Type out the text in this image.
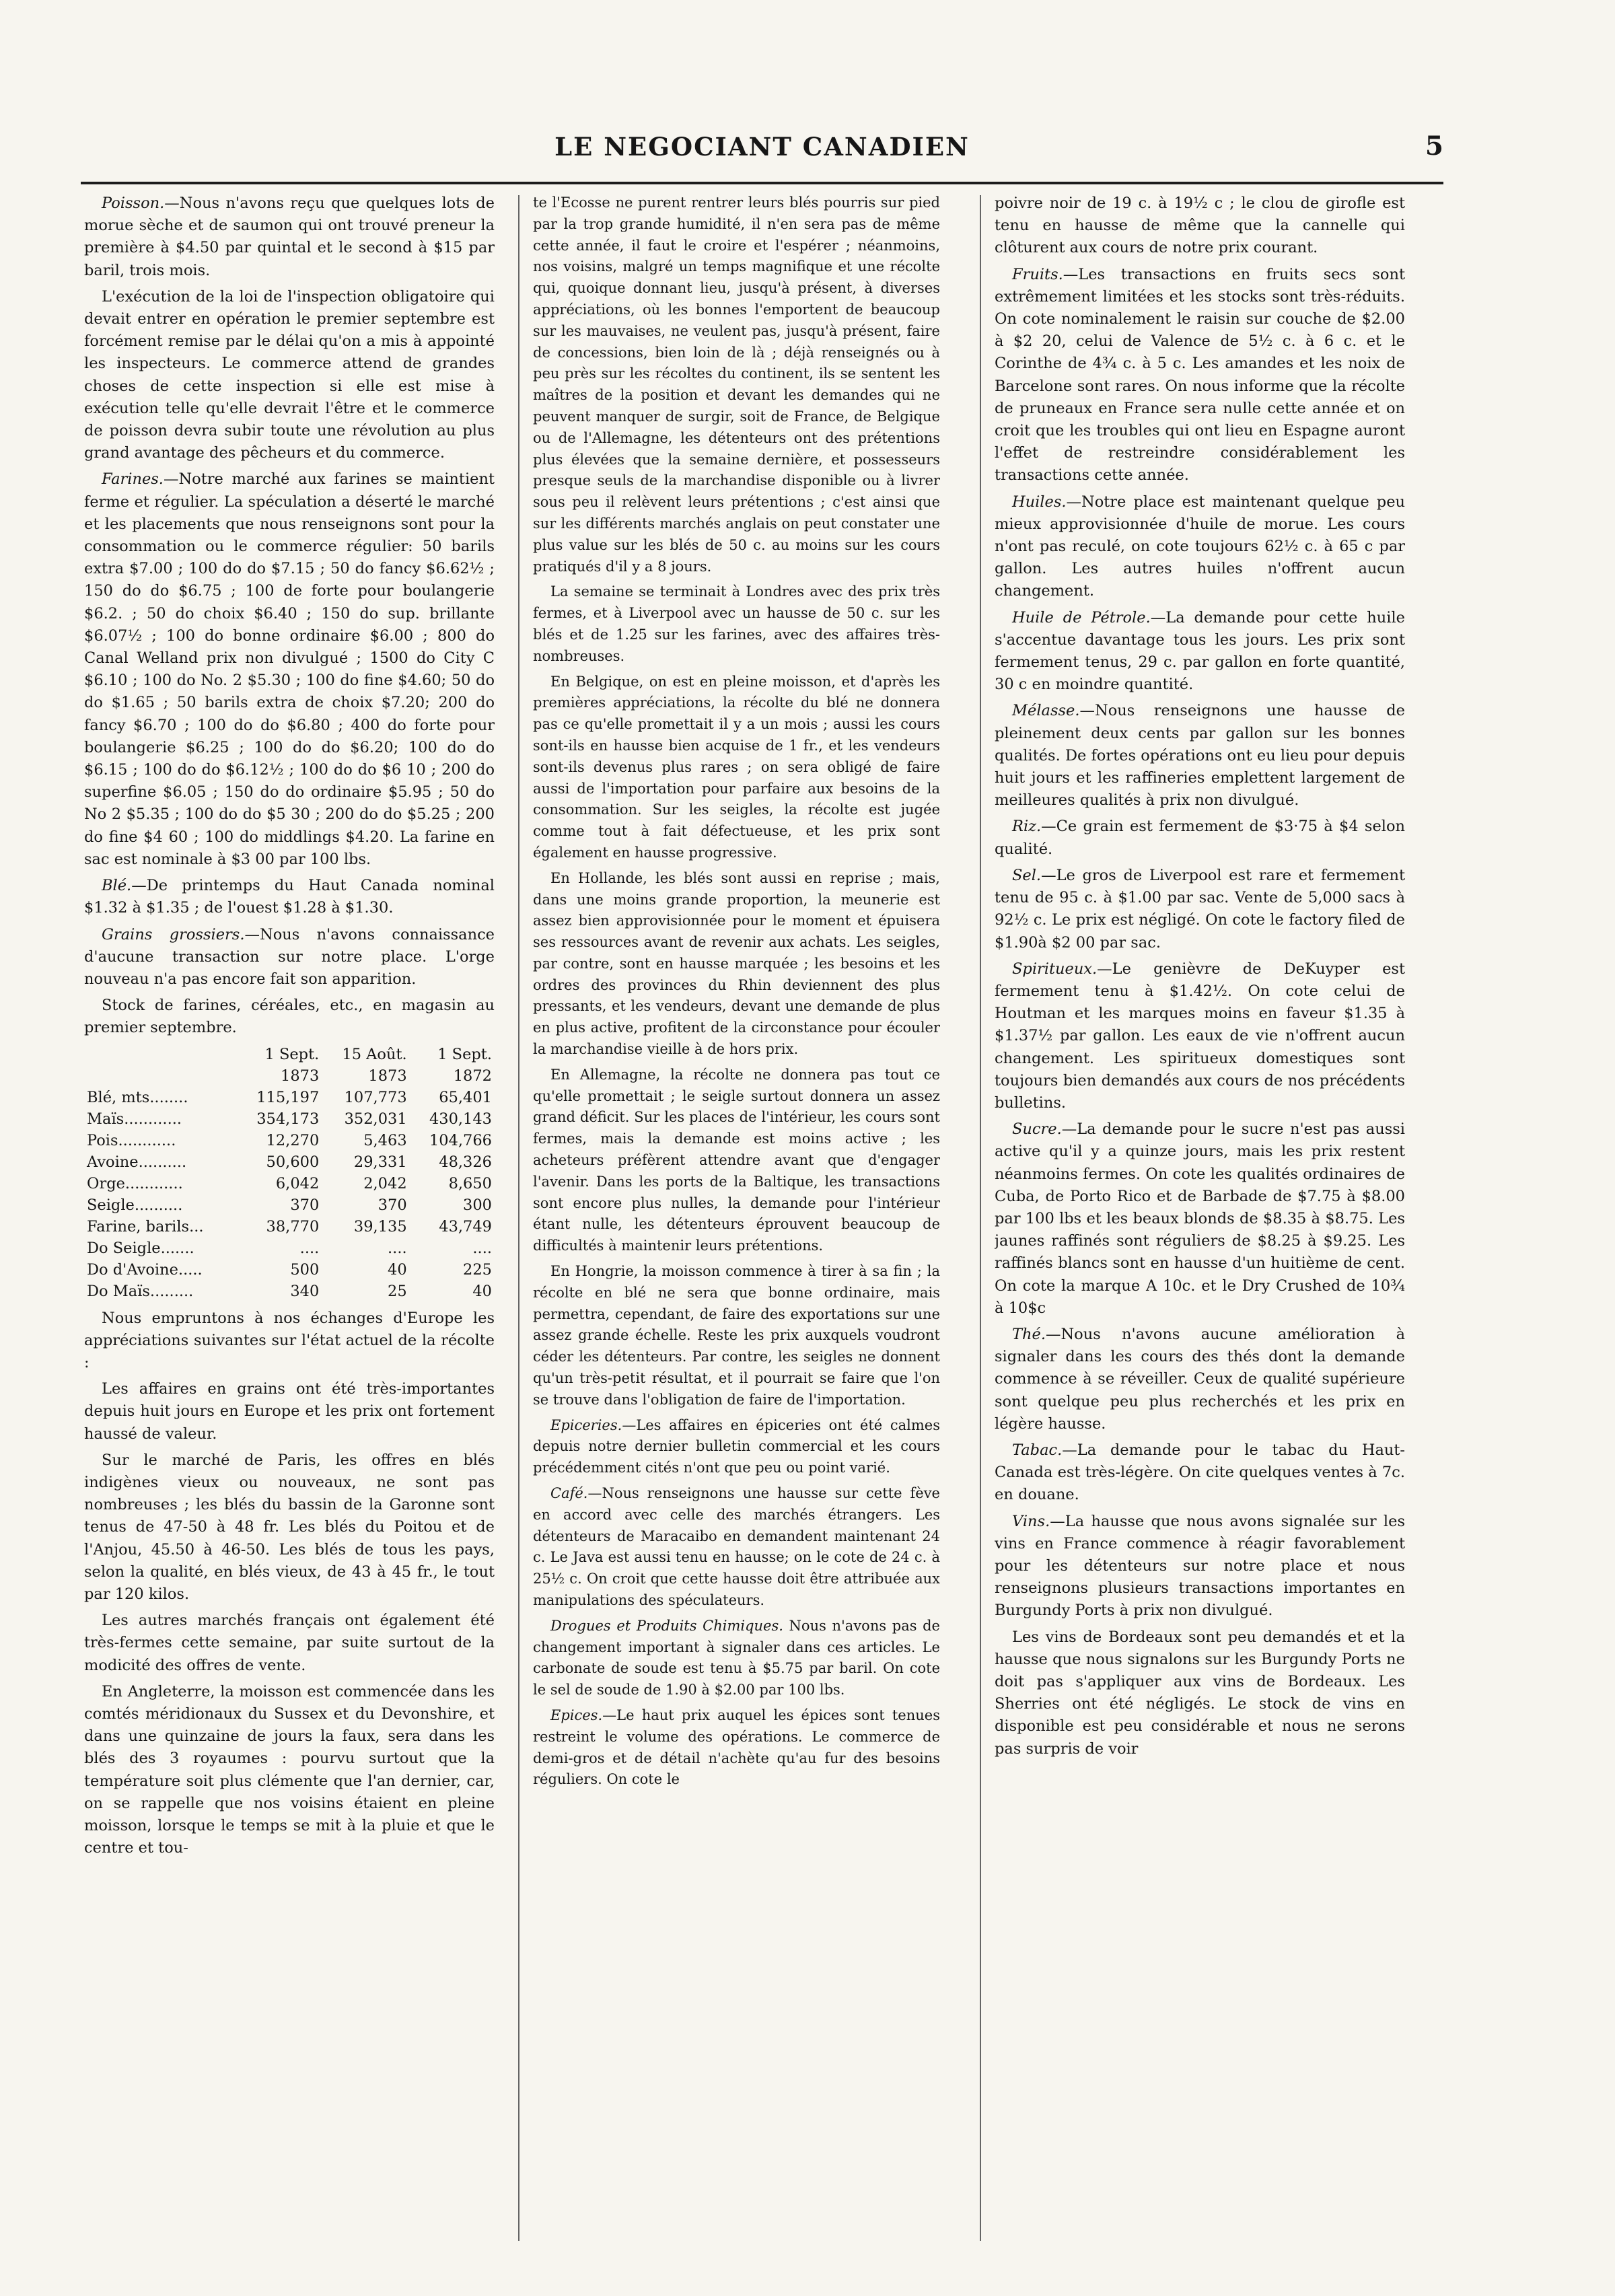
LE NEGOCIANT CANADIEN	5

Poisson.—Nous n'avons reçu que quelques lots de morue sèche et de saumon qui ont trouvé preneur la première à $4.50 par quintal et le second à $15 par baril, trois mois.

L'exécution de la loi de l'inspection obligatoire qui devait entrer en opération le premier septembre est forcément remise par le délai qu'on a mis à appointé les inspecteurs. Le commerce attend de grandes choses de cette inspection si elle est mise à exécution telle qu'elle devrait l'être et le commerce de poisson devra subir toute une révolution au plus grand avantage des pêcheurs et du commerce.

Farines.—Notre marché aux farines se maintient ferme et régulier. La spéculation a déserté le marché et les placements que nous renseignons sont pour la consommation ou le commerce régulier: 50 barils extra $7.00 ; 100 do do $7.15 ; 50 do fancy $6.62½ ; 150 do do $6.75 ; 100 de forte pour boulangerie $6.2. ; 50 do choix $6.40 ; 150 do sup. brillante $6.07½ ; 100 do bonne ordinaire $6.00 ; 800 do Canal Welland prix non divulgué ; 1500 do City C $6.10 ; 100 do No. 2 $5.30 ; 100 do fine $4.60; 50 do do $1.65 ; 50 barils extra de choix $7.20; 200 do fancy $6.70 ; 100 do do $6.80 ; 400 do forte pour boulangerie $6.25 ; 100 do do $6.20; 100 do do $6.15 ; 100 do do $6.12½ ; 100 do do $6 10 ; 200 do superfine $6.05 ; 150 do do ordinaire $5.95 ; 50 do No 2 $5.35 ; 100 do do $5 30 ; 200 do do $5.25 ; 200 do fine $4 60 ; 100 do middlings $4.20. La farine en sac est nominale à $3 00 par 100 lbs.

Blé.—De printemps du Haut Canada nominal $1.32 à $1.35 ; de l'ouest $1.28 à $1.30.

Grains grossiers.—Nous n'avons connaissance d'aucune transaction sur notre place. L'orge nouveau n'a pas encore fait son apparition.

Stock de farines, céréales, etc., en magasin au premier septembre.

	1 Sept.	15 Août.	1 Sept.
	1873	1873	1872
Blé, mts........	115,197	107,773	65,401
Maïs............	354,173	352,031	430,143
Pois............	12,270	5,463	104,766
Avoine..........	50,600	29,331	48,326
Orge............	6,042	2,042	8,650
Seigle..........	370	370	300
Farine, barils...	38,770	39,135	43,749
Do Seigle.......	....	....	....
Do d'Avoine.....	500	40	225
Do Maïs.........	340	25	40

Nous empruntons à nos échanges d'Europe les appréciations suivantes sur l'état actuel de la récolte :

Les affaires en grains ont été très-importantes depuis huit jours en Europe et les prix ont fortement haussé de valeur.

Sur le marché de Paris, les offres en blés indigènes vieux ou nouveaux, ne sont pas nombreuses ; les blés du bassin de la Garonne sont tenus de 47-50 à 48 fr. Les blés du Poitou et de l'Anjou, 45.50 à 46-50. Les blés de tous les pays, selon la qualité, en blés vieux, de 43 à 45 fr., le tout par 120 kilos.

Les autres marchés français ont également été très-fermes cette semaine, par suite surtout de la modicité des offres de vente.

En Angleterre, la moisson est commencée dans les comtés méridionaux du Sussex et du Devonshire, et dans une quinzaine de jours la faux, sera dans les blés des 3 royaumes : pourvu surtout que la température soit plus clémente que l'an dernier, car, on se rappelle que nos voisins étaient en pleine moisson, lorsque le temps se mit à la pluie et que le centre et tou-

te l'Ecosse ne purent rentrer leurs blés pourris sur pied par la trop grande humidité, il n'en sera pas de même cette année, il faut le croire et l'espérer ; néanmoins, nos voisins, malgré un temps magnifique et une récolte qui, quoique donnant lieu, jusqu'à présent, à diverses appréciations, où les bonnes l'emportent de beaucoup sur les mauvaises, ne veulent pas, jusqu'à présent, faire de concessions, bien loin de là ; déjà renseignés ou à peu près sur les récoltes du continent, ils se sentent les maîtres de la position et devant les demandes qui ne peuvent manquer de surgir, soit de France, de Belgique ou de l'Allemagne, les détenteurs ont des prétentions plus élevées que la semaine dernière, et possesseurs presque seuls de la marchandise disponible ou à livrer sous peu il relèvent leurs prétentions ; c'est ainsi que sur les différents marchés anglais on peut constater une plus value sur les blés de 50 c. au moins sur les cours pratiqués d'il y a 8 jours.

La semaine se terminait à Londres avec des prix très fermes, et à Liverpool avec un hausse de 50 c. sur les blés et de 1.25 sur les farines, avec des affaires très-nombreuses.

En Belgique, on est en pleine moisson, et d'après les premières appréciations, la récolte du blé ne donnera pas ce qu'elle promettait il y a un mois ; aussi les cours sont-ils en hausse bien acquise de 1 fr., et les vendeurs sont-ils devenus plus rares ; on sera obligé de faire aussi de l'importation pour parfaire aux besoins de la consommation. Sur les seigles, la récolte est jugée comme tout à fait défectueuse, et les prix sont également en hausse progressive.

En Hollande, les blés sont aussi en reprise ; mais, dans une moins grande proportion, la meunerie est assez bien approvisionnée pour le moment et épuisera ses ressources avant de revenir aux achats. Les seigles, par contre, sont en hausse marquée ; les besoins et les ordres des provinces du Rhin deviennent des plus pressants, et les vendeurs, devant une demande de plus en plus active, profitent de la circonstance pour écouler la marchandise vieille à de hors prix.

En Allemagne, la récolte ne donnera pas tout ce qu'elle promettait ; le seigle surtout donnera un assez grand déficit. Sur les places de l'intérieur, les cours sont fermes, mais la demande est moins active ; les acheteurs préfèrent attendre avant que d'engager l'avenir. Dans les ports de la Baltique, les transactions sont encore plus nulles, la demande pour l'intérieur étant nulle, les détenteurs éprouvent beaucoup de difficultés à maintenir leurs prétentions.

En Hongrie, la moisson commence à tirer à sa fin ; la récolte en blé ne sera que bonne ordinaire, mais permettra, cependant, de faire des exportations sur une assez grande échelle. Reste les prix auxquels voudront céder les détenteurs. Par contre, les seigles ne donnent qu'un très-petit résultat, et il pourrait se faire que l'on se trouve dans l'obligation de faire de l'importation.

Epiceries.—Les affaires en épiceries ont été calmes depuis notre dernier bulletin commercial et les cours précédemment cités n'ont que peu ou point varié.

Café.—Nous renseignons une hausse sur cette fève en accord avec celle des marchés étrangers. Les détenteurs de Maracaibo en demandent maintenant 24 c. Le Java est aussi tenu en hausse; on le cote de 24 c. à 25½ c. On croit que cette hausse doit être attribuée aux manipulations des spéculateurs.

Drogues et Produits Chimiques. Nous n'avons pas de changement important à signaler dans ces articles. Le carbonate de soude est tenu à $5.75 par baril. On cote le sel de soude de 1.90 à $2.00 par 100 lbs.

Epices.—Le haut prix auquel les épices sont tenues restreint le volume des opérations. Le commerce de demi-gros et de détail n'achète qu'au fur des besoins réguliers. On cote le

poivre noir de 19 c. à 19½ c ; le clou de girofle est tenu en hausse de même que la cannelle qui clôturent aux cours de notre prix courant.

Fruits.—Les transactions en fruits secs sont extrêmement limitées et les stocks sont très-réduits. On cote nominalement le raisin sur couche de $2.00 à $2 20, celui de Valence de 5½ c. à 6 c. et le Corinthe de 4¾ c. à 5 c. Les amandes et les noix de Barcelone sont rares. On nous informe que la récolte de pruneaux en France sera nulle cette année et on croit que les troubles qui ont lieu en Espagne auront l'effet de restreindre considérablement les transactions cette année.

Huiles.—Notre place est maintenant quelque peu mieux approvisionnée d'huile de morue. Les cours n'ont pas reculé, on cote toujours 62½ c. à 65 c par gallon. Les autres huiles n'offrent aucun changement.

Huile de Pétrole.—La demande pour cette huile s'accentue davantage tous les jours. Les prix sont fermement tenus, 29 c. par gallon en forte quantité, 30 c en moindre quantité.

Mélasse.—Nous renseignons une hausse de pleinement deux cents par gallon sur les bonnes qualités. De fortes opérations ont eu lieu pour depuis huit jours et les raffineries emplettent largement de meilleures qualités à prix non divulgué.

Riz.—Ce grain est fermement de $3·75 à $4 selon qualité.

Sel.—Le gros de Liverpool est rare et fermement tenu de 95 c. à $1.00 par sac. Vente de 5,000 sacs à 92½ c. Le prix est négligé. On cote le factory filed de $1.90à $2 00 par sac.

Spiritueux.—Le genièvre de DeKuyper est fermement tenu à $1.42½. On cote celui de Houtman et les marques moins en faveur $1.35 à $1.37½ par gallon. Les eaux de vie n'offrent aucun changement. Les spiritueux domestiques sont toujours bien demandés aux cours de nos précédents bulletins.

Sucre.—La demande pour le sucre n'est pas aussi active qu'il y a quinze jours, mais les prix restent néanmoins fermes. On cote les qualités ordinaires de Cuba, de Porto Rico et de Barbade de $7.75 à $8.00 par 100 lbs et les beaux blonds de $8.35 à $8.75. Les jaunes raffinés sont réguliers de $8.25 à $9.25. Les raffinés blancs sont en hausse d'un huitième de cent. On cote la marque A 10c. et le Dry Crushed de 10¾ à 10$c

Thé.—Nous n'avons aucune amélioration à signaler dans les cours des thés dont la demande commence à se réveiller. Ceux de qualité supérieure sont quelque peu plus recherchés et les prix en légère hausse.

Tabac.—La demande pour le tabac du Haut-Canada est très-légère. On cite quelques ventes à 7c. en douane.

Vins.—La hausse que nous avons signalée sur les vins en France commence à réagir favorablement pour les détenteurs sur notre place et nous renseignons plusieurs transactions importantes en Burgundy Ports à prix non divulgué.

Les vins de Bordeaux sont peu demandés et et la hausse que nous signalons sur les Burgundy Ports ne doit pas s'appliquer aux vins de Bordeaux. Les Sherries ont été négligés. Le stock de vins en disponible est peu considérable et nous ne serons pas surpris de voir
